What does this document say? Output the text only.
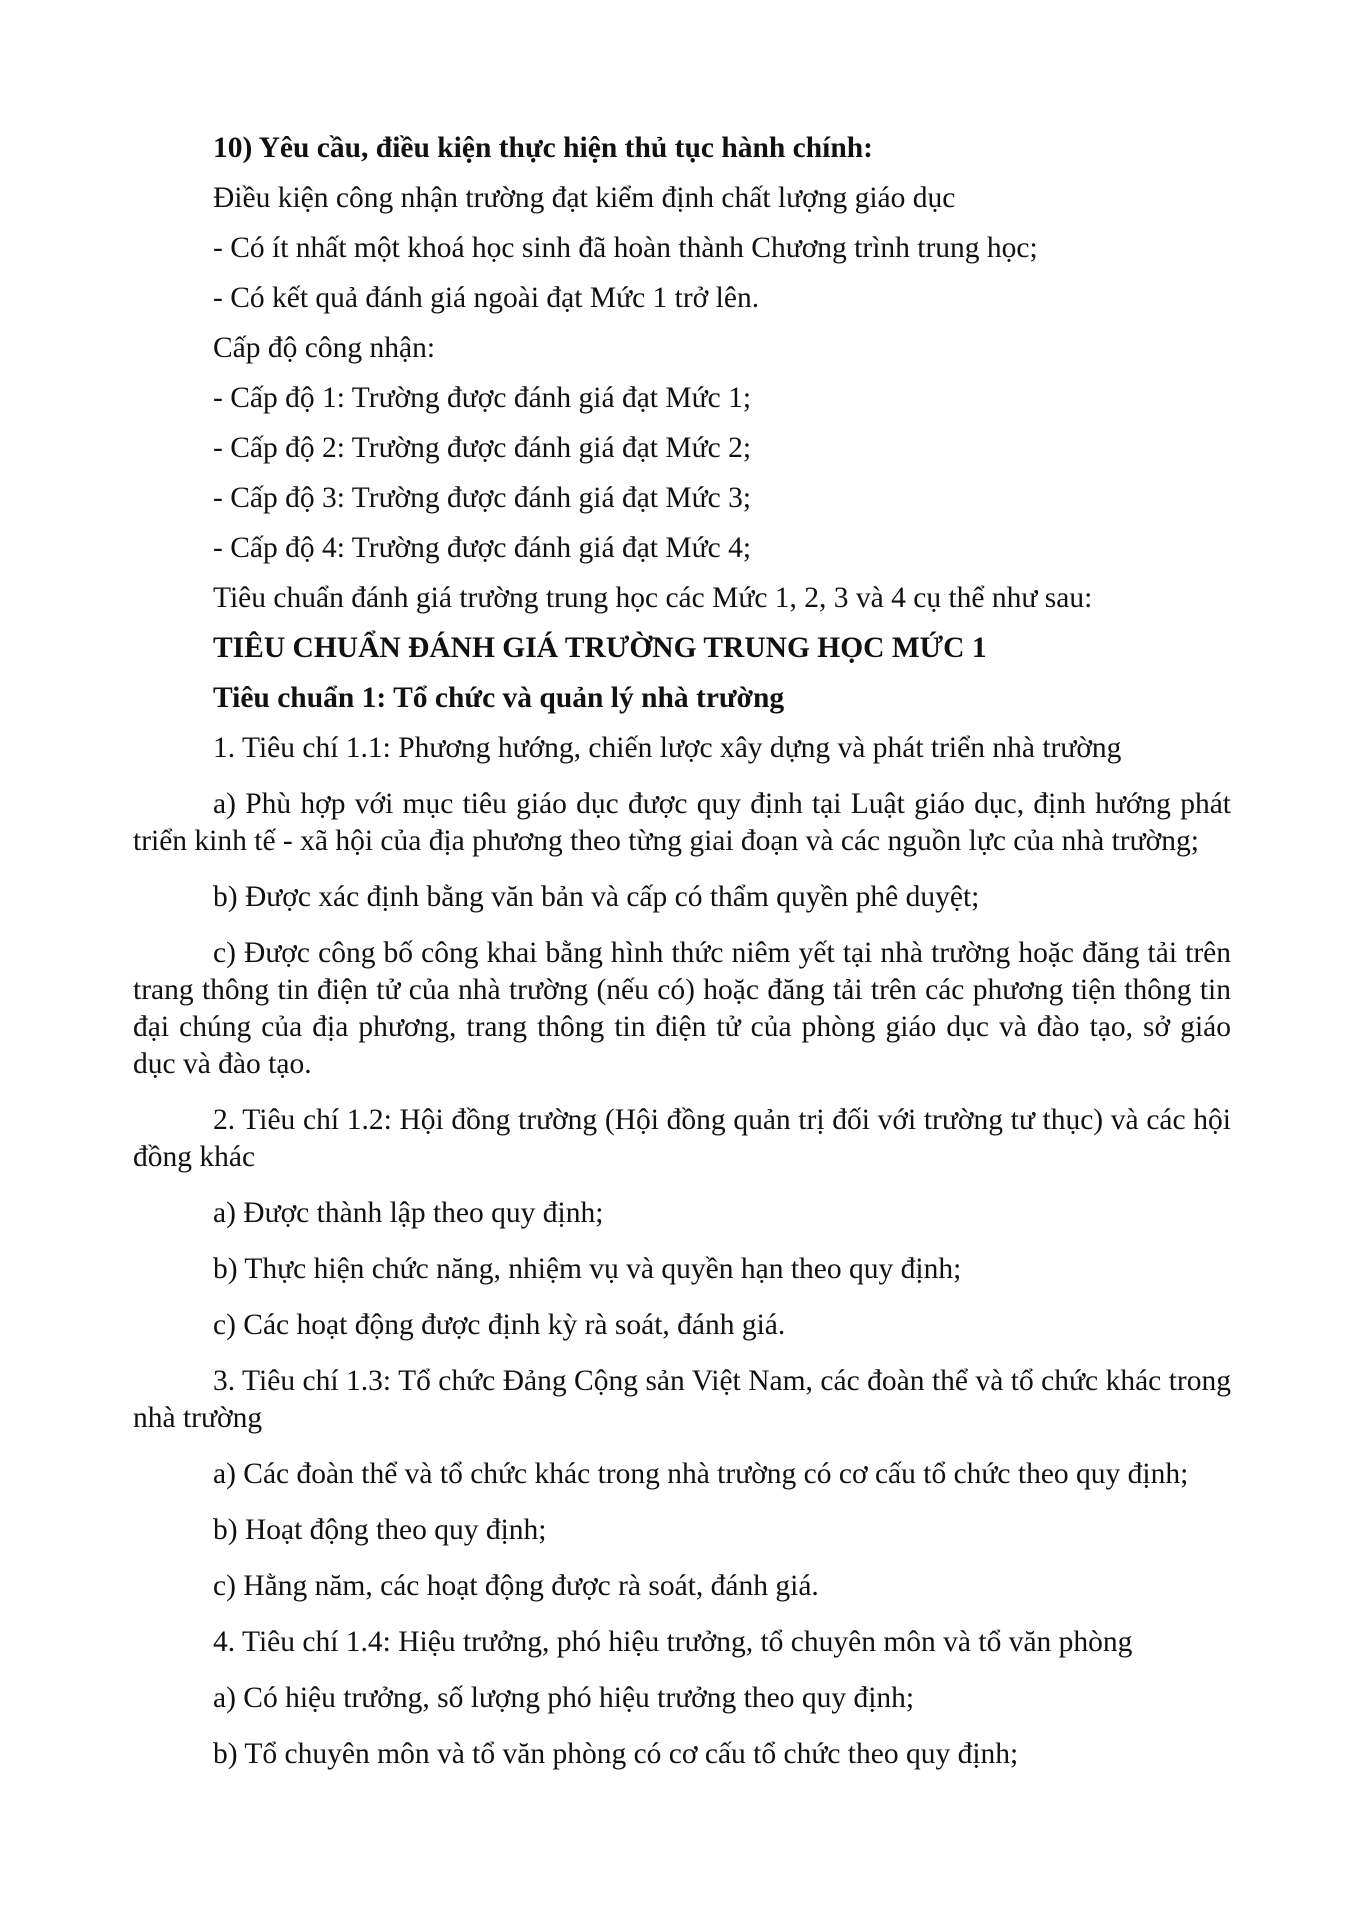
10) Yêu cầu, điều kiện thực hiện thủ tục hành chính:

Điều kiện công nhận trường đạt kiểm định chất lượng giáo dục

- Có ít nhất một khoá học sinh đã hoàn thành Chương trình trung học;

- Có kết quả đánh giá ngoài đạt Mức 1 trở lên.

Cấp độ công nhận:

- Cấp độ 1: Trường được đánh giá đạt Mức 1;

- Cấp độ 2: Trường được đánh giá đạt Mức 2;

- Cấp độ 3: Trường được đánh giá đạt Mức 3;

- Cấp độ 4: Trường được đánh giá đạt Mức 4;

Tiêu chuẩn đánh giá trường trung học các Mức 1, 2, 3 và 4 cụ thể như sau:

TIÊU CHUẨN ĐÁNH GIÁ TRƯỜNG TRUNG HỌC MỨC 1

Tiêu chuẩn 1: Tổ chức và quản lý nhà trường

1. Tiêu chí 1.1: Phương hướng, chiến lược xây dựng và phát triển nhà trường

a) Phù hợp với mục tiêu giáo dục được quy định tại Luật giáo dục, định hướng phát triển kinh tế - xã hội của địa phương theo từng giai đoạn và các nguồn lực của nhà trường;

b) Được xác định bằng văn bản và cấp có thẩm quyền phê duyệt;

c) Được công bố công khai bằng hình thức niêm yết tại nhà trường hoặc đăng tải trên trang thông tin điện tử của nhà trường (nếu có) hoặc đăng tải trên các phương tiện thông tin đại chúng của địa phương, trang thông tin điện tử của phòng giáo dục và đào tạo, sở giáo dục và đào tạo.

2. Tiêu chí 1.2: Hội đồng trường (Hội đồng quản trị đối với trường tư thục) và các hội đồng khác

a) Được thành lập theo quy định;

b) Thực hiện chức năng, nhiệm vụ và quyền hạn theo quy định;

c) Các hoạt động được định kỳ rà soát, đánh giá.

3. Tiêu chí 1.3: Tổ chức Đảng Cộng sản Việt Nam, các đoàn thể và tổ chức khác trong nhà trường

a) Các đoàn thể và tổ chức khác trong nhà trường có cơ cấu tổ chức theo quy định;

b) Hoạt động theo quy định;

c) Hằng năm, các hoạt động được rà soát, đánh giá.

4. Tiêu chí 1.4: Hiệu trưởng, phó hiệu trưởng, tổ chuyên môn và tổ văn phòng

a) Có hiệu trưởng, số lượng phó hiệu trưởng theo quy định;

b) Tổ chuyên môn và tổ văn phòng có cơ cấu tổ chức theo quy định;
